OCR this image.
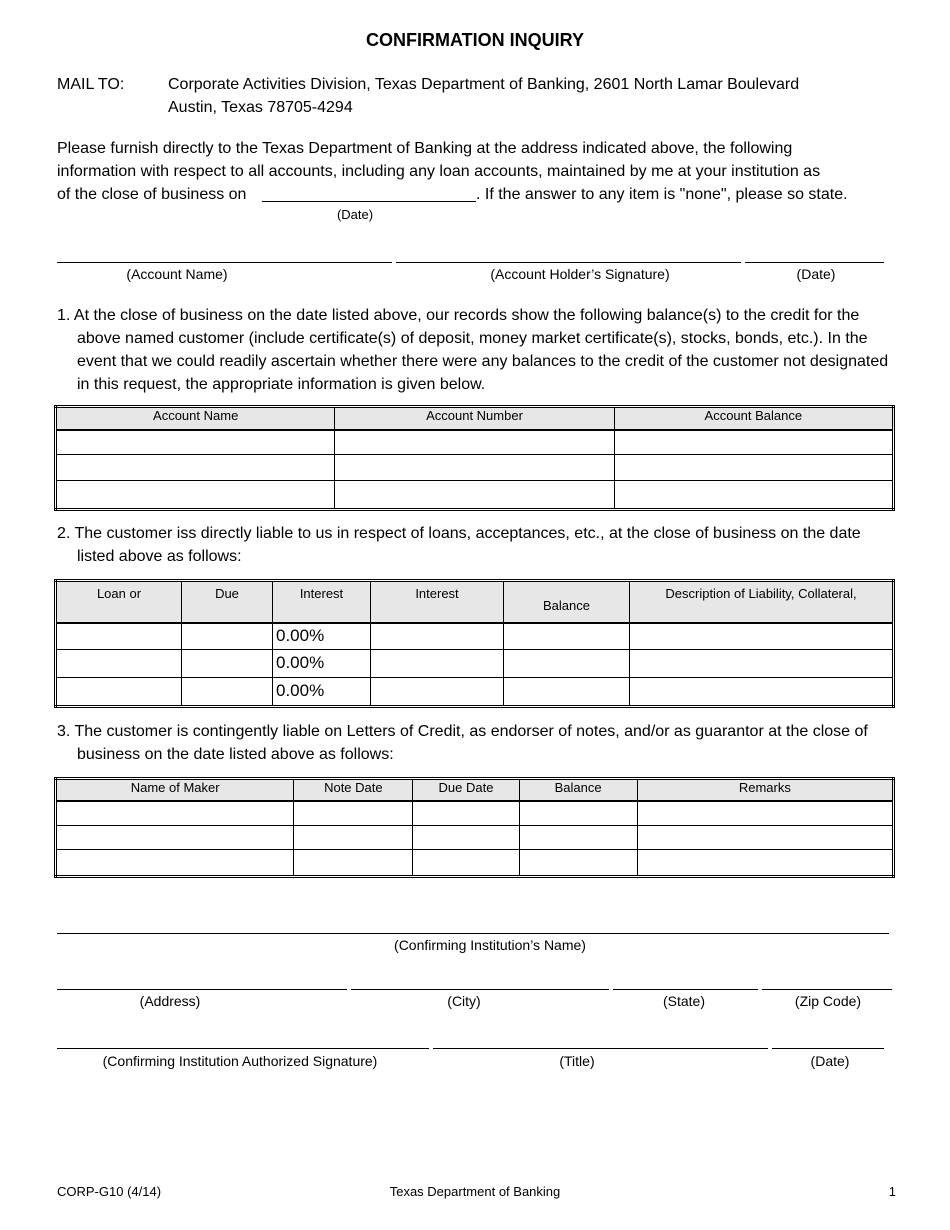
CONFIRMATION INQUIRY
MAIL TO:	Corporate Activities Division, Texas Department of Banking, 2601 North Lamar Boulevard
Austin, Texas 78705-4294
Please furnish directly to the Texas Department of Banking at the address indicated above, the following
information with respect to all accounts, including any loan accounts, maintained by me at your institution as
of the close of business on	. If the answer to any item is "none", please so state.
(Date)
(Account Name)	(Account Holder’s Signature)	(Date)
1. At the close of business on the date listed above, our records show the following balance(s) to the credit for the above named customer (include certificate(s) of deposit, money market certificate(s), stocks, bonds, etc.). In the event that we could readily ascertain whether there were any balances to the credit of the customer not designated in this request, the appropriate information is given below.
Account Name	Account Number	Account Balance

2. The customer iss directly liable to us in respect of loans, acceptances, etc., at the close of business on the date listed above as follows:
Loan or	Due	Interest	Interest	Balance	Description of Liability, Collateral,
		0.00%			
		0.00%			
		0.00%			
3. The customer is contingently liable on Letters of Credit, as endorser of notes, and/or as guarantor at the close of business on the date listed above as follows:
Name of Maker	Note Date	Due Date	Balance	Remarks

(Confirming Institution’s Name)
(Address)	(City)	(State)	(Zip Code)
(Confirming Institution Authorized Signature)	(Title)	(Date)
CORP-G10 (4/14)	Texas Department of Banking	1
